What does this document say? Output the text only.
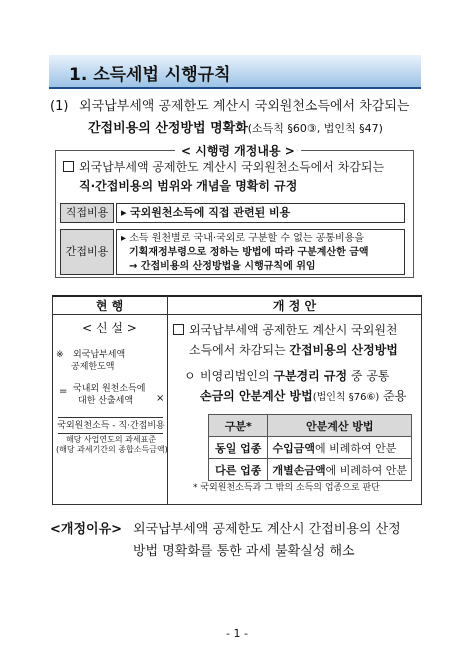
1. 소득세법 시행규칙
(1) 외국납부세액 공제한도 계산시 국외원천소득에서 차감되는
간접비용의 산정방법 명확화(소득칙 §60③, 법인칙 §47)
< 시행령 개정내용 >
외국납부세액 공제한도 계산시 국외원천소득에서 차감되는
직·간접비용의 범위와 개념을 명확히 규정
직접비용	▸ 국외원천소득에 직접 관련된 비용
간접비용
▸ 소득 원천별로 국내·국외로 구분할 수 없는 공통비용을
기획재정부령으로 정하는 방법에 따라 구분계산한 금액
→ 간접비용의 산정방법을 시행규칙에 위임
현 행	개 정 안
< 신 설 >
※ 외국납부세액
공제한도액
= 국내외 원천소득에
대한 산출세액 ×
국외원천소득 - 직·간접비용
해당 사업연도의 과세표준
(해당 과세기간의 종합소득금액)
외국납부세액 공제한도 계산시 국외원천
소득에서 차감되는 간접비용의 산정방법
ㅇ 비영리법인의 구분경리 규정 중 공통
손금의 안분계산 방법(법인칙 §76⑥) 준용
구분*	안분계산 방법
동일 업종	수입금액에 비례하여 안분
다른 업종	개별손금액에 비례하여 안분
* 국외원천소득과 그 밖의 소득의 업종으로 판단
<개정이유> 외국납부세액 공제한도 계산시 간접비용의 산정
방법 명확화를 통한 과세 불확실성 해소
- 1 -
